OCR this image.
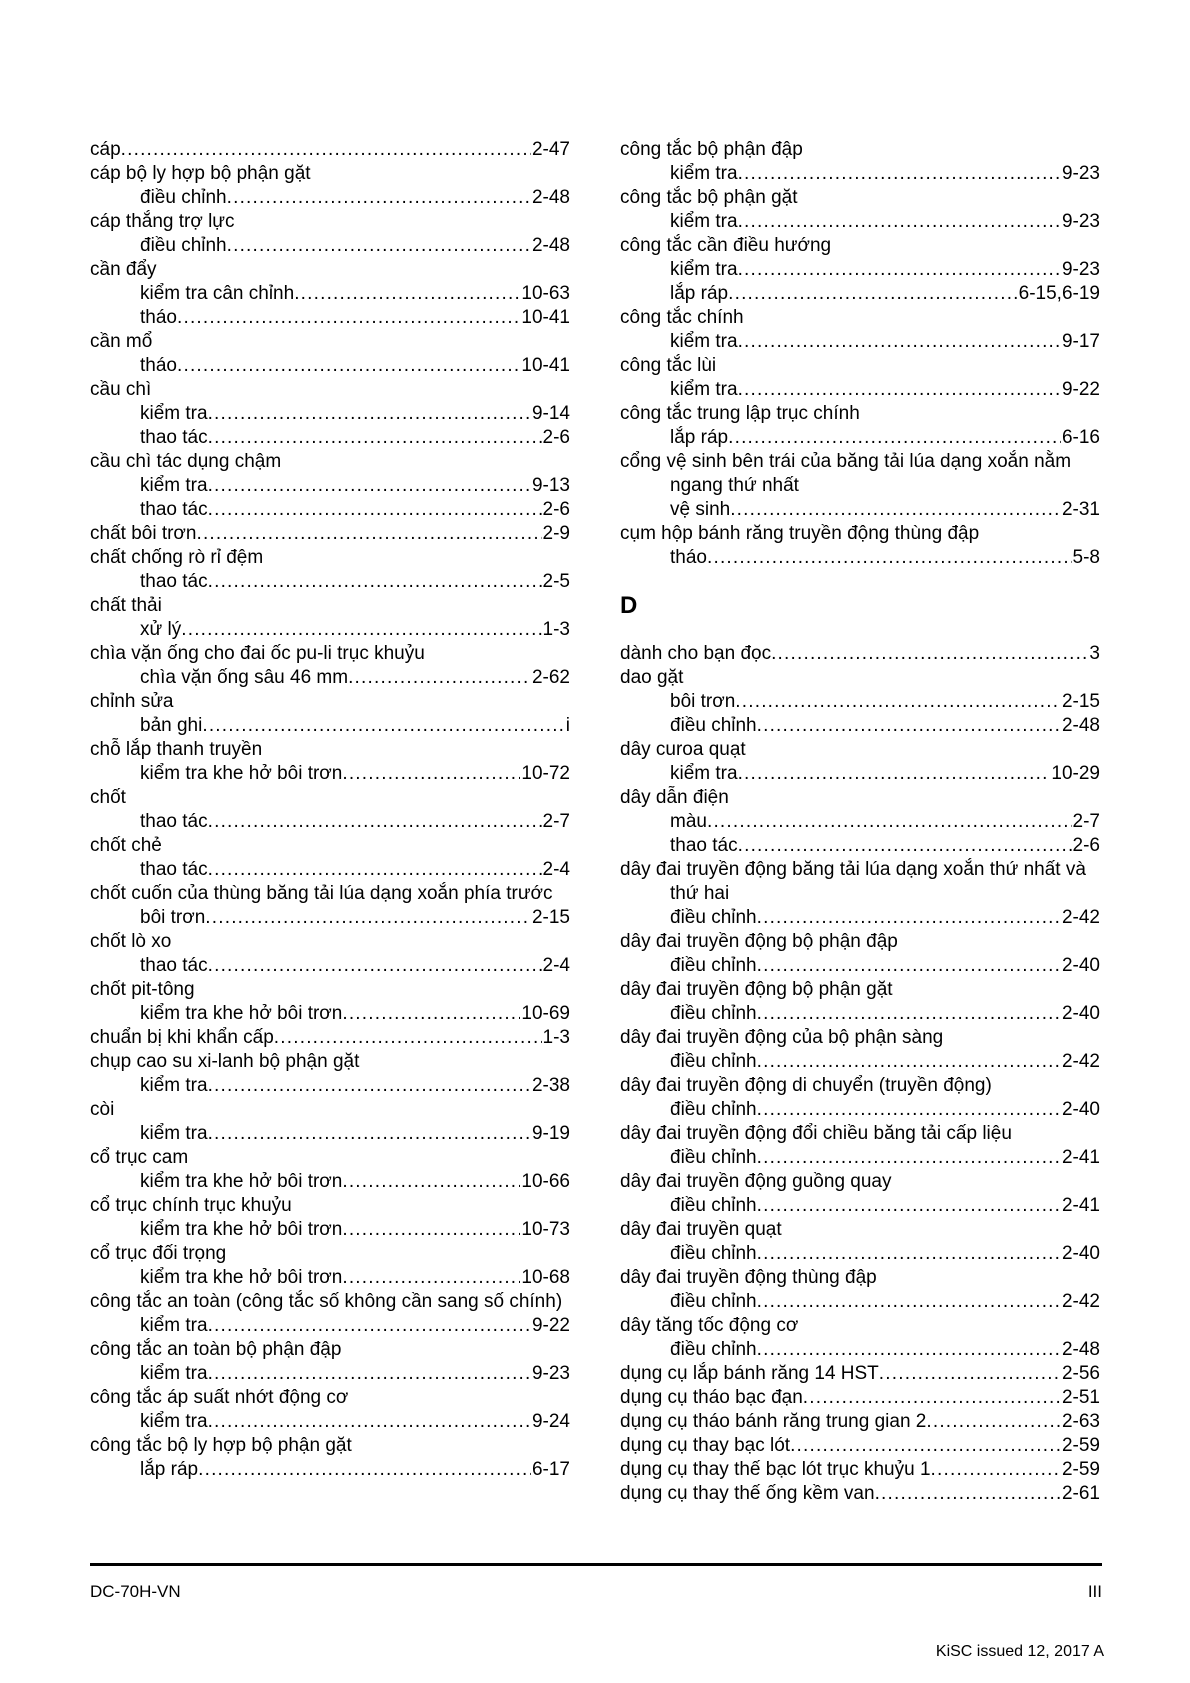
cáp .....	2-47
cáp bộ ly hợp bộ phận gặt
điều chỉnh .....	2-48
cáp thắng trợ lực
điều chỉnh .....	2-48
cần đẩy
kiểm tra cân chỉnh .....	10-63
tháo .....	10-41
cần mổ
tháo .....	10-41
cầu chì
kiểm tra .....	9-14
thao tác .....	2-6
cầu chì tác dụng chậm
kiểm tra .....	9-13
thao tác .....	2-6
chất bôi trơn .....	2-9
chất chống rò rỉ đệm
thao tác .....	2-5
chất thải
xử lý .....	1-3
chìa vặn ống cho đai ốc pu-li trục khuỷu
chìa vặn ống sâu 46 mm .....	2-62
chỉnh sửa
bản ghi .....	i
chỗ lắp thanh truyền
kiểm tra khe hở bôi trơn .....	10-72
chốt
thao tác .....	2-7
chốt chẻ
thao tác .....	2-4
chốt cuốn của thùng băng tải lúa dạng xoắn phía trước
bôi trơn .....	2-15
chốt lò xo
thao tác .....	2-4
chốt pit-tông
kiểm tra khe hở bôi trơn .....	10-69
chuẩn bị khi khẩn cấp .....	1-3
chụp cao su xi-lanh bộ phận gặt
kiểm tra .....	2-38
còi
kiểm tra .....	9-19
cổ trục cam
kiểm tra khe hở bôi trơn .....	10-66
cổ trục chính trục khuỷu
kiểm tra khe hở bôi trơn .....	10-73
cổ trục đối trọng
kiểm tra khe hở bôi trơn .....	10-68
công tắc an toàn (công tắc số không cần sang số chính)
kiểm tra .....	9-22
công tắc an toàn bộ phận đập
kiểm tra .....	9-23
công tắc áp suất nhớt động cơ
kiểm tra .....	9-24
công tắc bộ ly hợp bộ phận gặt
lắp ráp .....	6-17
công tắc bộ phận đập
kiểm tra .....	9-23
công tắc bộ phận gặt
kiểm tra .....	9-23
công tắc cần điều hướng
kiểm tra .....	9-23
lắp ráp .....	6-15,6-19
công tắc chính
kiểm tra .....	9-17
công tắc lùi
kiểm tra .....	9-22
công tắc trung lập trục chính
lắp ráp .....	6-16
cổng vệ sinh bên trái của băng tải lúa dạng xoắn nằm ngang thứ nhất
vệ sinh .....	2-31
cụm hộp bánh răng truyền động thùng đập
tháo .....	5-8
D
dành cho bạn đọc .....	3
dao gặt
bôi trơn .....	2-15
điều chỉnh .....	2-48
dây curoa quạt
kiểm tra .....	10-29
dây dẫn điện
màu .....	2-7
thao tác .....	2-6
dây đai truyền động băng tải lúa dạng xoắn thứ nhất và thứ hai
điều chỉnh .....	2-42
dây đai truyền động bộ phận đập
điều chỉnh .....	2-40
dây đai truyền động bộ phận gặt
điều chỉnh .....	2-40
dây đai truyền động của bộ phận sàng
điều chỉnh .....	2-42
dây đai truyền động di chuyển (truyền động)
điều chỉnh .....	2-40
dây đai truyền động đổi chiều băng tải cấp liệu
điều chỉnh .....	2-41
dây đai truyền động guồng quay
điều chỉnh .....	2-41
dây đai truyền quạt
điều chỉnh .....	2-40
dây đai truyền động thùng đập
điều chỉnh .....	2-42
dây tăng tốc động cơ
điều chỉnh .....	2-48
dụng cụ lắp bánh răng 14 HST .....	2-56
dụng cụ tháo bạc đạn .....	2-51
dụng cụ tháo bánh răng trung gian 2 .....	2-63
dụng cụ thay bạc lót .....	2-59
dụng cụ thay thế bạc lót trục khuỷu 1 .....	2-59
dụng cụ thay thế ống kềm van .....	2-61
DC-70H-VN	III
KiSC issued 12, 2017 A
